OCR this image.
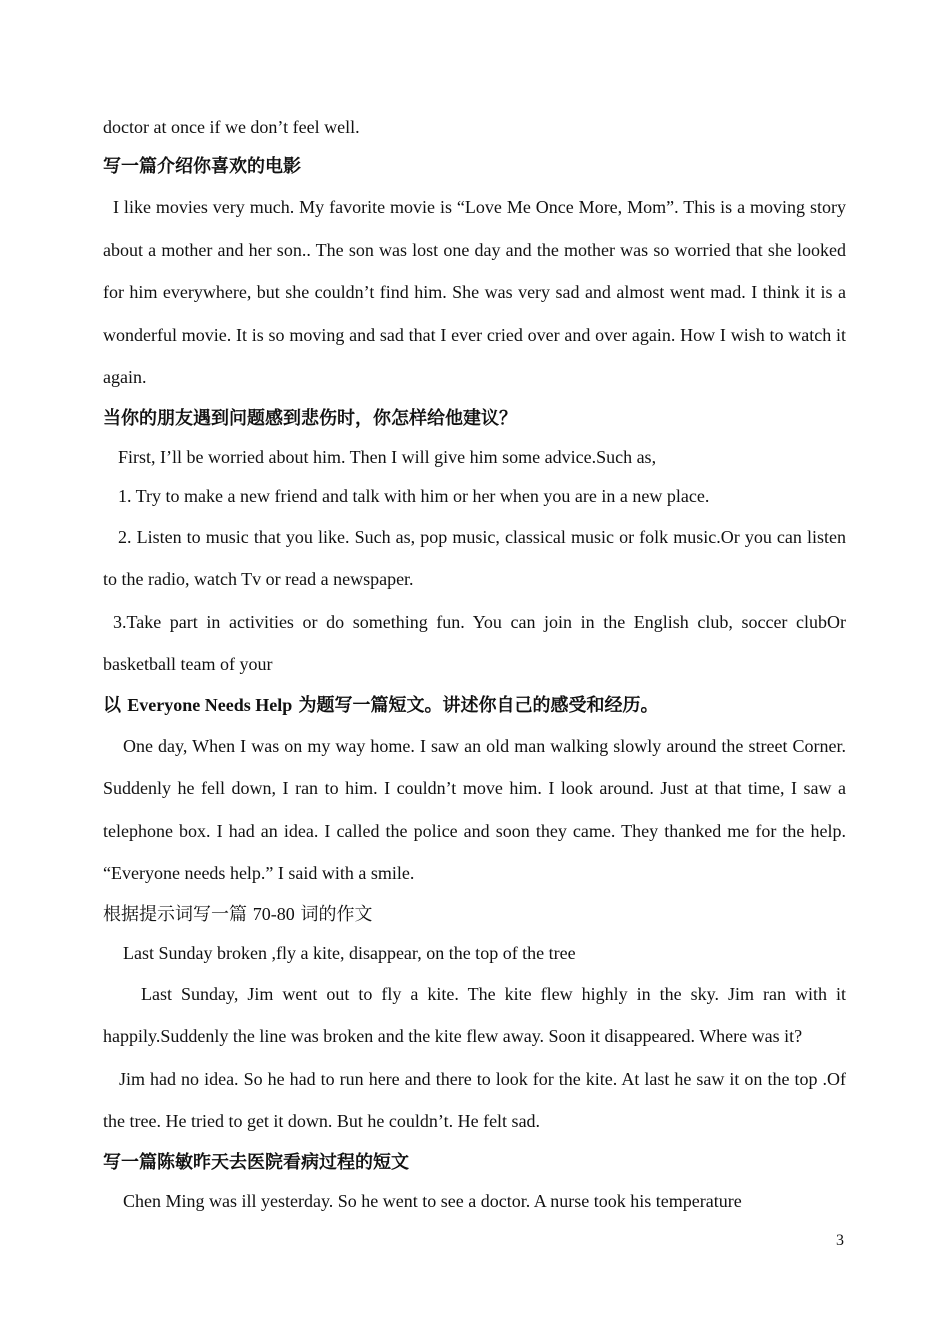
doctor at once if we don’t feel well.
写一篇介绍你喜欢的电影
I like movies very much. My favorite movie is “Love Me Once More, Mom”. This is a moving story about a mother and her son.. The son was lost one day and the mother was so worried that she looked for him everywhere, but she couldn’t find him. She was very sad and almost went mad. I think it is a wonderful movie. It is so moving and sad that I ever cried over and over again. How I wish to watch it again.
当你的朋友遇到问题感到悲伤时，你怎样给他建议？
First, I’ll be worried about him. Then I will give him some advice.Such as,
1. Try to make a new friend and talk with him or her when you are in a new place.
2. Listen to music that you like. Such as, pop music, classical music or folk music.Or you can listen to the radio, watch Tv or read a newspaper.
3.Take part in activities or do something fun. You can join in the English club, soccer clubOr basketball team of your
以 Everyone Needs Help 为题写一篇短文。讲述你自己的感受和经历。
One day, When I was on my way home. I saw an old man walking slowly around the street Corner. Suddenly he fell down, I ran to him. I couldn’t move him. I look around. Just at that time, I saw a telephone box. I had an idea. I called the police and soon they came. They thanked me for the help. “Everyone needs help.” I said with a smile.
根据提示词写一篇 70-80 词的作文
Last Sunday broken ,fly a kite, disappear, on the top of the tree
Last Sunday, Jim went out to fly a kite. The kite flew highly in the sky. Jim ran with it happily.Suddenly the line was broken and the kite flew away. Soon it disappeared. Where was it?
Jim had no idea. So he had to run here and there to look for the kite. At last he saw it on the top .Of the tree. He tried to get it down. But he couldn’t. He felt sad.
写一篇陈敏昨天去医院看病过程的短文
Chen Ming was ill yesterday. So he went to see a doctor. A nurse took his temperature
3
